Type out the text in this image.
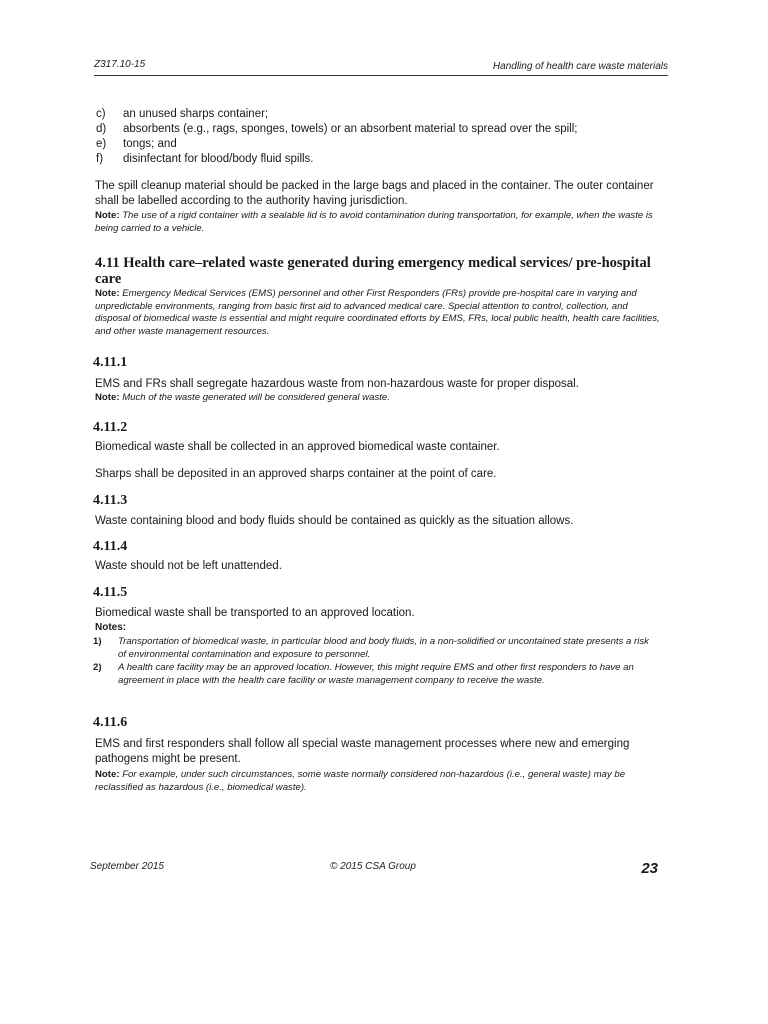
Z317.10-15	Handling of health care waste materials
c)	an unused sharps container;
d)	absorbents (e.g., rags, sponges, towels) or an absorbent material to spread over the spill;
e)	tongs; and
f)	disinfectant for blood/body fluid spills.
The spill cleanup material should be packed in the large bags and placed in the container. The outer container shall be labelled according to the authority having jurisdiction.
Note: The use of a rigid container with a sealable lid is to avoid contamination during transportation, for example, when the waste is being carried to a vehicle.
4.11 Health care–related waste generated during emergency medical services/ pre-hospital care
Note: Emergency Medical Services (EMS) personnel and other First Responders (FRs) provide pre-hospital care in varying and unpredictable environments, ranging from basic first aid to advanced medical care. Special attention to control, collection, and disposal of biomedical waste is essential and might require coordinated efforts by EMS, FRs, local public health, health care facilities, and other waste management resources.
4.11.1
EMS and FRs shall segregate hazardous waste from non-hazardous waste for proper disposal.
Note: Much of the waste generated will be considered general waste.
4.11.2
Biomedical waste shall be collected in an approved biomedical waste container.
Sharps shall be deposited in an approved sharps container at the point of care.
4.11.3
Waste containing blood and body fluids should be contained as quickly as the situation allows.
4.11.4
Waste should not be left unattended.
4.11.5
Biomedical waste shall be transported to an approved location.
Notes:
1) Transportation of biomedical waste, in particular blood and body fluids, in a non-solidified or uncontained state presents a risk of environmental contamination and exposure to personnel.
2) A health care facility may be an approved location. However, this might require EMS and other first responders to have an agreement in place with the health care facility or waste management company to receive the waste.
4.11.6
EMS and first responders shall follow all special waste management processes where new and emerging pathogens might be present.
Note: For example, under such circumstances, some waste normally considered non-hazardous (i.e., general waste) may be reclassified as hazardous (i.e., biomedical waste).
September 2015	© 2015 CSA Group	23
